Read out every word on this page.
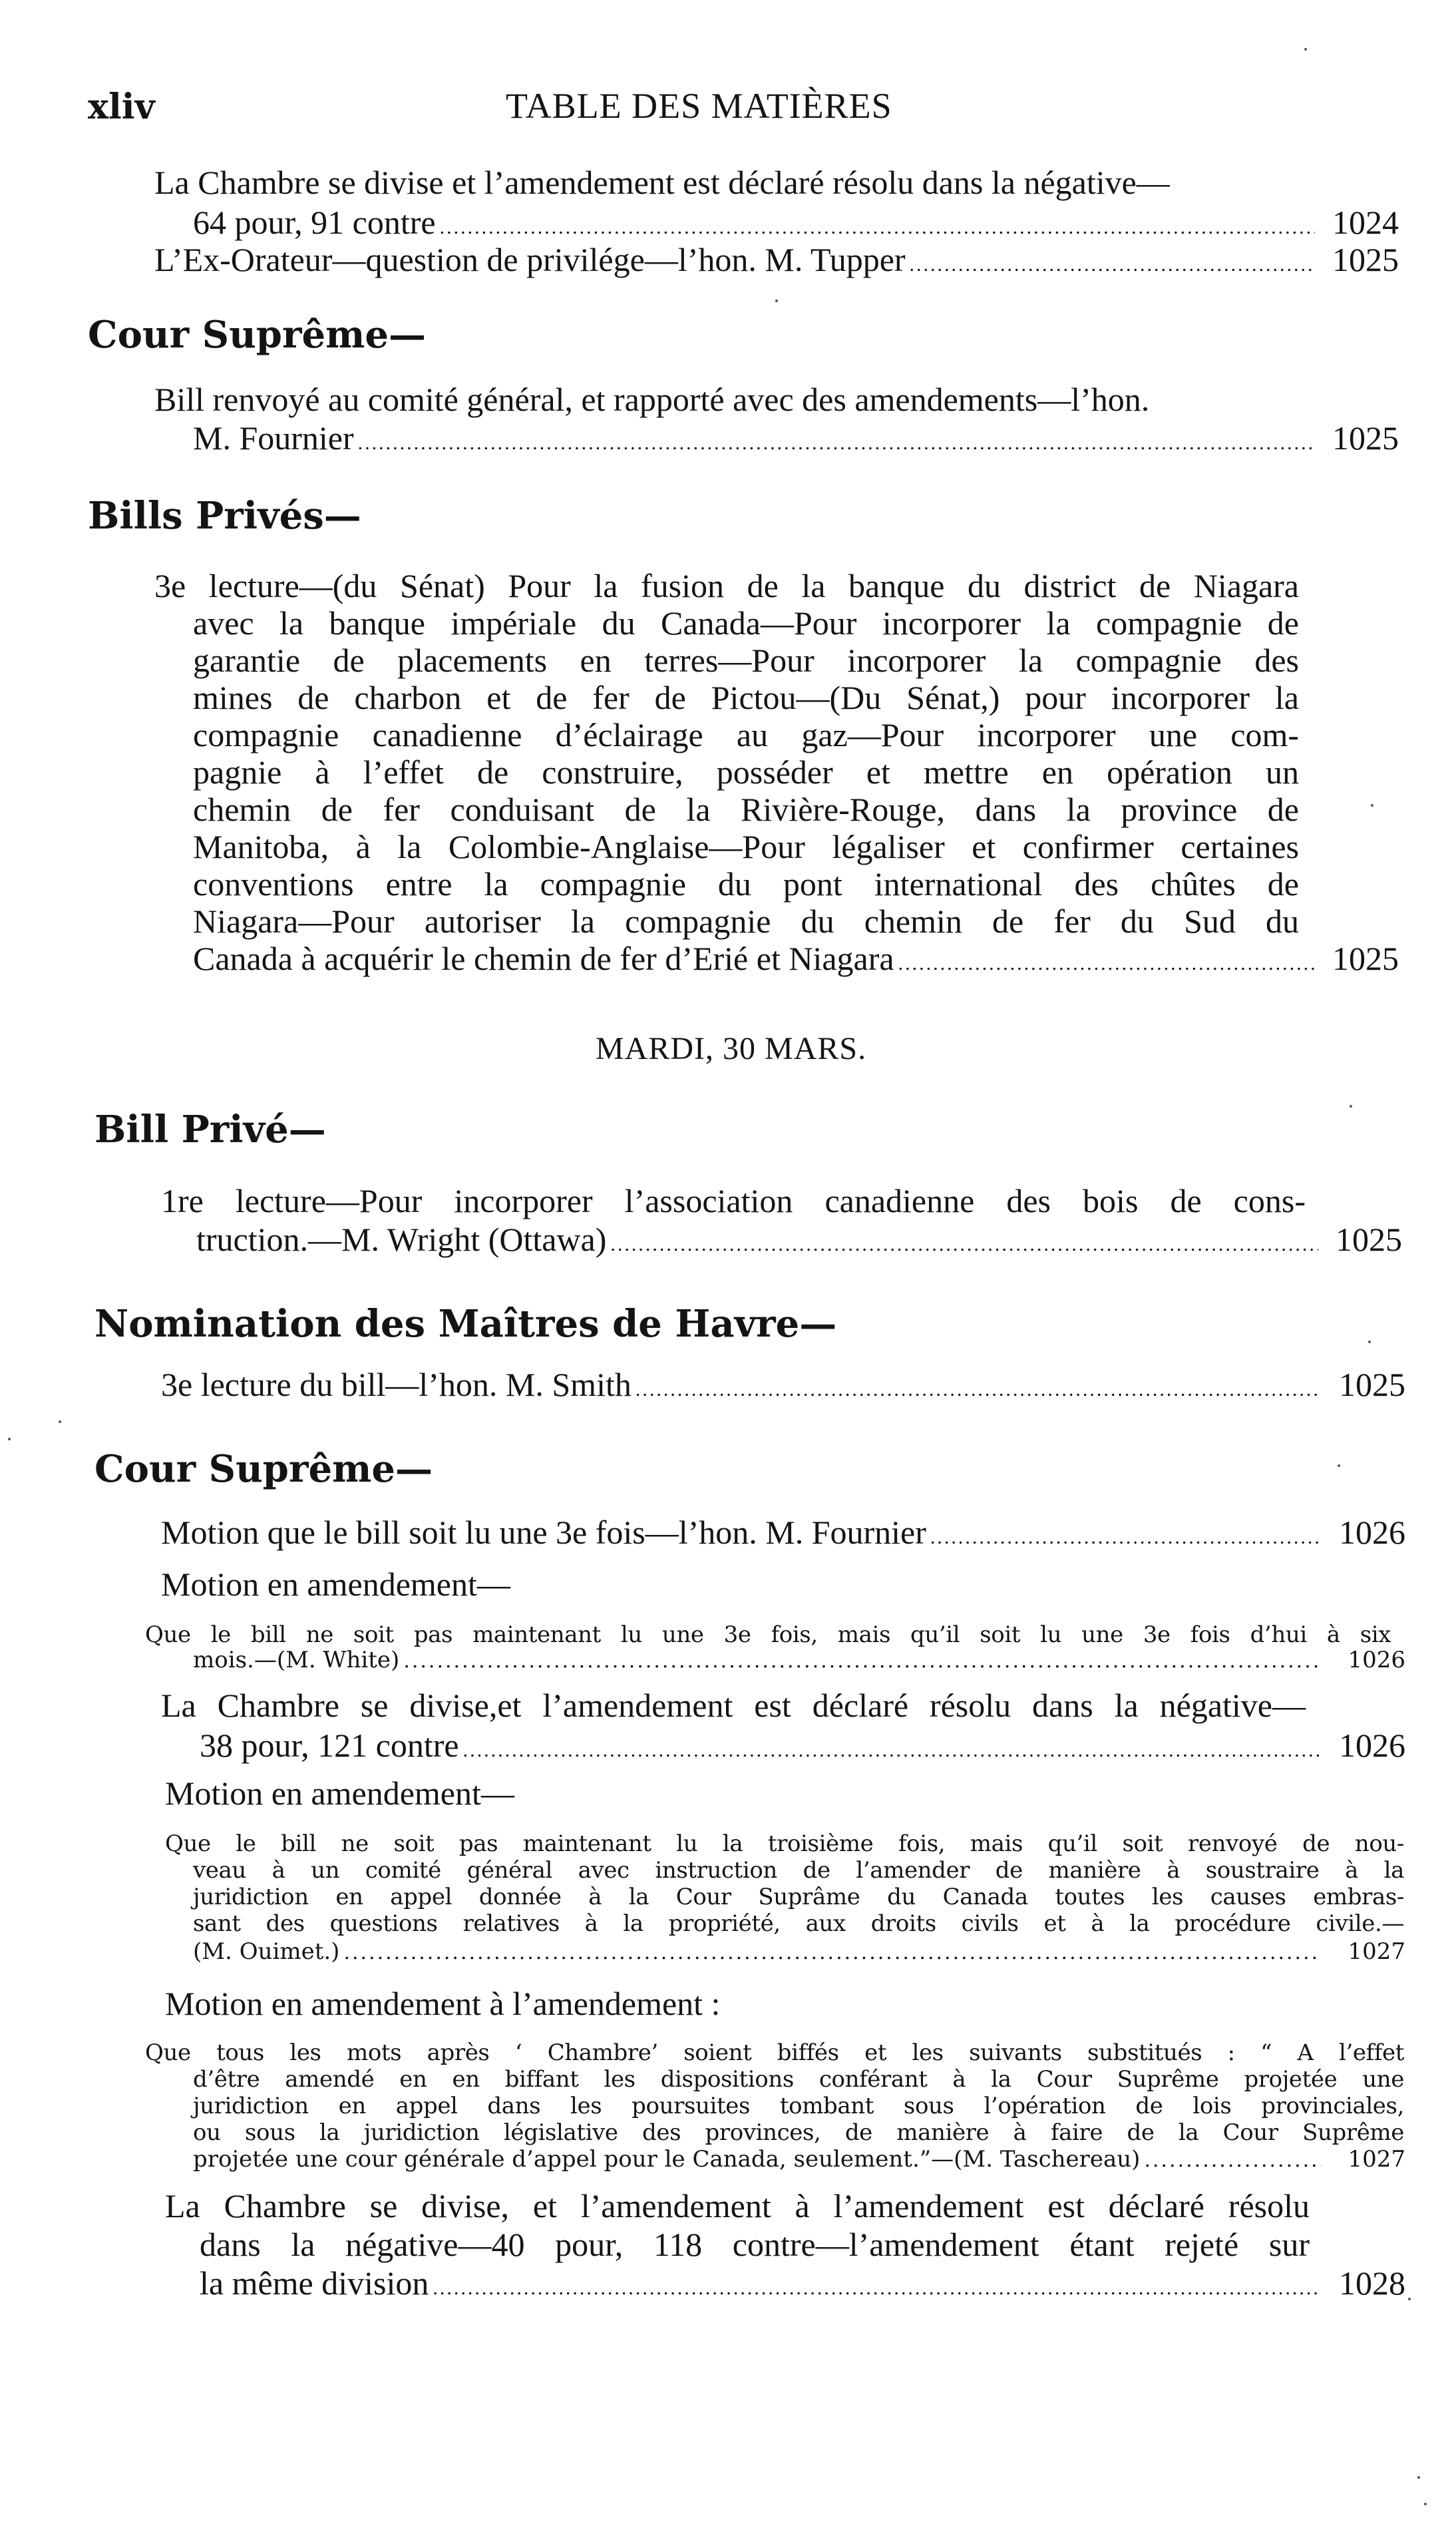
xliv	TABLE DES MATIÈRES
La Chambre se divise et l’amendement est déclaré résolu dans la négative—
64 pour, 91 contre .....	1024
L’Ex-Orateur—question de privilége—l’hon. M. Tupper .....	1025
Cour Suprême—
Bill renvoyé au comité général, et rapporté avec des amendements—l’hon.
M. Fournier .....	1025
Bills Privés—
3e lecture—(du Sénat) Pour la fusion de la banque du district de Niagara
avec la banque impériale du Canada—Pour incorporer la compagnie de
garantie de placements en terres—Pour incorporer la compagnie des
mines de charbon et de fer de Pictou—(Du Sénat,) pour incorporer la
compagnie canadienne d’éclairage au gaz—Pour incorporer une com-
pagnie à l’effet de construire, posséder et mettre en opération un
chemin de fer conduisant de la Rivière-Rouge, dans la province de
Manitoba, à la Colombie-Anglaise—Pour légaliser et confirmer certaines
conventions entre la compagnie du pont international des chûtes de
Niagara—Pour autoriser la compagnie du chemin de fer du Sud du
Canada à acquérir le chemin de fer d’Erié et Niagara .....	1025
MARDI, 30 MARS.
Bill Privé—
1re lecture—Pour incorporer l’association canadienne des bois de cons-
truction.—M. Wright (Ottawa) .....	1025
Nomination des Maîtres de Havre—
3e lecture du bill—l’hon. M. Smith .....	1025
Cour Suprême—
Motion que le bill soit lu une 3e fois—l’hon. M. Fournier .....	1026
Motion en amendement—
Que le bill ne soit pas maintenant lu une 3e fois, mais qu’il soit lu une 3e fois d’hui à six
mois.—(M. White) .....	1026
La Chambre se divise,et l’amendement est déclaré résolu dans la négative—
38 pour, 121 contre .....	1026
Motion en amendement—
Que le bill ne soit pas maintenant lu la troisième fois, mais qu’il soit renvoyé de nou-
veau à un comité général avec instruction de l’amender de manière à soustraire à la
juridiction en appel donnée à la Cour Suprâme du Canada toutes les causes embras-
sant des questions relatives à la propriété, aux droits civils et à la procédure civile.—
(M. Ouimet.) .....	1027
Motion en amendement à l’amendement :
Que tous les mots après ‘ Chambre’ soient biffés et les suivants substitués : “ A l’effet
d’être amendé en en biffant les dispositions conférant à la Cour Suprême projetée une
juridiction en appel dans les poursuites tombant sous l’opération de lois provinciales,
ou sous la juridiction législative des provinces, de manière à faire de la Cour Suprême
projetée une cour générale d’appel pour le Canada, seulement.”—(M. Taschereau) .....	1027
La Chambre se divise, et l’amendement à l’amendement est déclaré résolu
dans la négative—40 pour, 118 contre—l’amendement étant rejeté sur
la même division .....	1028
